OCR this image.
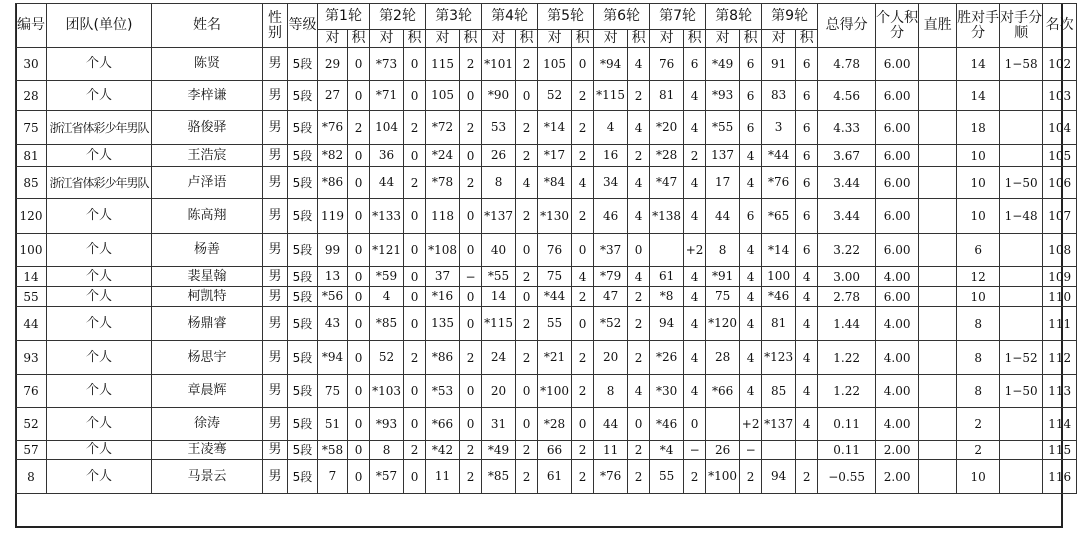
编号	团队(单位)	姓名	性别	等级	第1轮		第2轮		第3轮		第4轮		第5轮		第6轮		第7轮		第8轮		第9轮		总得分	个人积分	直胜	胜对手分	对手分顺	名次
					对	积	对	积	对	积	对	积	对	积	对	积	对	积	对	积	对	积						
30	个人	陈贤	男	5段	29	0	*73	0	115	2	*101	2	105	0	*94	4	76	6	*49	6	91	6	4.78	6.00		14	1−58	102
28	个人	李梓谦	男	5段	27	0	*71	0	105	0	*90	0	52	2	*115	2	81	4	*93	6	83	6	4.56	6.00		14		103
75	浙江省体彩少年男队	骆俊驿	男	5段	*76	2	104	2	*72	2	53	2	*14	2	4	4	*20	4	*55	6	3	6	4.33	6.00		18		104
81	个人	王浩宸	男	5段	*82	0	36	0	*24	0	26	2	*17	2	16	2	*28	2	137	4	*44	6	3.67	6.00		10		105
85	浙江省体彩少年男队	卢泽语	男	5段	*86	0	44	2	*78	2	8	4	*84	4	34	4	*47	4	17	4	*76	6	3.44	6.00		10	1−50	106
120	个人	陈高翔	男	5段	119	0	*133	0	118	0	*137	2	*130	2	46	4	*138	4	44	6	*65	6	3.44	6.00		10	1−48	107
100	个人	杨善	男	5段	99	0	*121	0	*108	0	40	0	76	0	*37	0		+2	8	4	*14	6	3.22	6.00		6		108
14	个人	裴星翰	男	5段	13	0	*59	0	37	−	*55	2	75	4	*79	4	61	4	*91	4	100	4	3.00	4.00		12		109
55	个人	柯凯特	男	5段	*56	0	4	0	*16	0	14	0	*44	2	47	2	*8	4	75	4	*46	4	2.78	6.00		10		110
44	个人	杨鼎睿	男	5段	43	0	*85	0	135	0	*115	2	55	0	*52	2	94	4	*120	4	81	4	1.44	4.00		8		111
93	个人	杨思宇	男	5段	*94	0	52	2	*86	2	24	2	*21	2	20	2	*26	4	28	4	*123	4	1.22	4.00		8	1−52	112
76	个人	章晨辉	男	5段	75	0	*103	0	*53	0	20	0	*100	2	8	4	*30	4	*66	4	85	4	1.22	4.00		8	1−50	113
52	个人	徐涛	男	5段	51	0	*93	0	*66	0	31	0	*28	0	44	0	*46	0		+2	*137	4	0.11	4.00		2		114
57	个人	王凌骞	男	5段	*58	0	8	2	*42	2	*49	2	66	2	11	2	*4	−	26	−			0.11	2.00		2		115
8	个人	马景云	男	5段	7	0	*57	0	11	2	*85	2	61	2	*76	2	55	2	*100	2	94	2	−0.55	2.00		10		116
